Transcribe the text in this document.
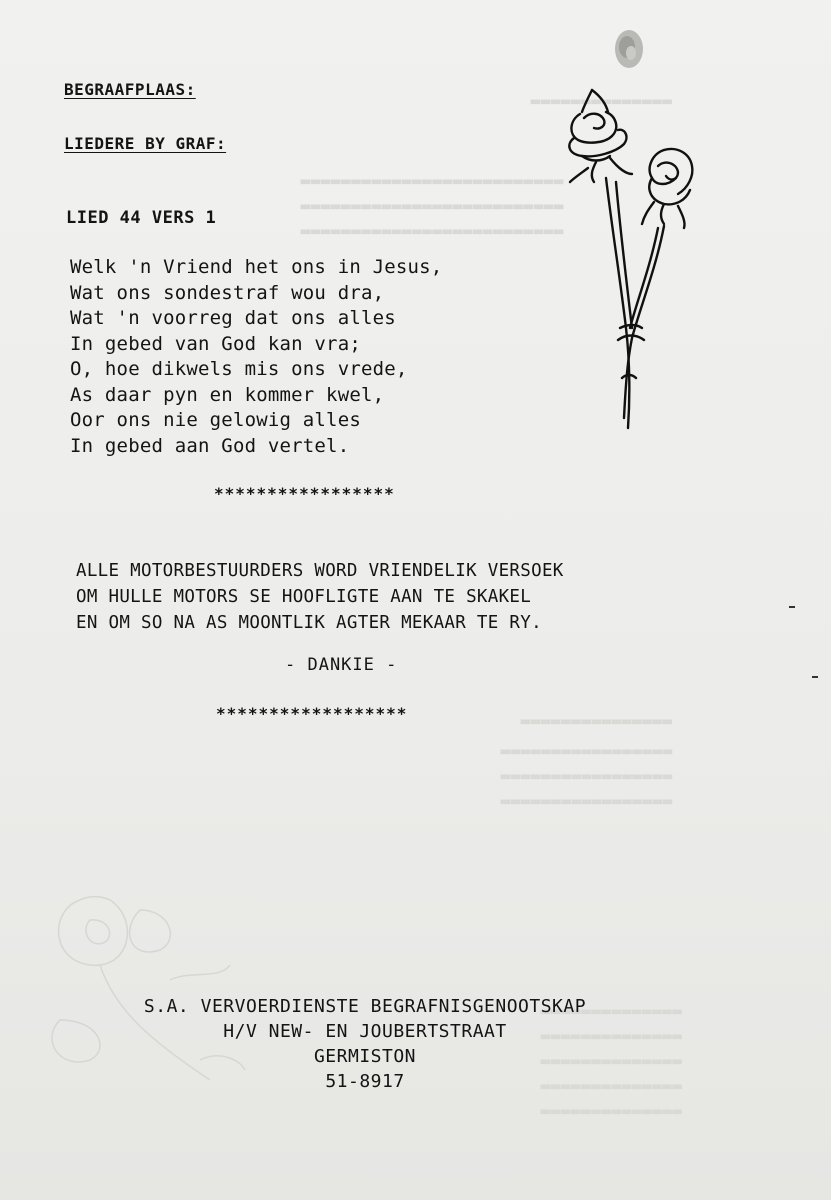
▬▬▬▬▬▬▬▬▬▬▬▬▬▬
▬▬▬▬▬▬▬▬▬▬▬▬▬▬▬▬▬▬▬▬▬▬▬▬▬▬
▬▬▬▬▬▬▬▬▬▬▬▬▬▬▬▬▬▬▬▬▬▬▬▬▬▬
▬▬▬▬▬▬▬▬▬▬▬▬▬▬▬▬▬▬▬▬▬▬▬▬▬▬
▬▬▬▬▬▬▬▬▬▬▬▬▬▬▬
▬▬▬▬▬▬▬▬▬▬▬▬▬▬▬▬▬
▬▬▬▬▬▬▬▬▬▬▬▬▬▬▬▬▬
▬▬▬▬▬▬▬▬▬▬▬▬▬▬▬▬▬
▬▬▬▬▬▬▬▬▬▬▬▬▬▬
▬▬▬▬▬▬▬▬▬▬▬▬▬▬
▬▬▬▬▬▬▬▬▬▬▬▬▬▬
▬▬▬▬▬▬▬▬▬▬▬▬▬▬
▬▬▬▬▬▬▬▬▬▬▬▬▬▬
BEGRAAFPLAAS:
LIEDERE BY GRAF:
LIED 44 VERS 1
Welk 'n Vriend het ons in Jesus,
Wat ons sondestraf wou dra,
Wat 'n voorreg dat ons alles
In gebed van God kan vra;
O, hoe dikwels mis ons vrede,
As daar pyn en kommer kwel,
Oor ons nie gelowig alles
In gebed aan God vertel.
*****************
ALLE MOTORBESTUURDERS WORD VRIENDELIK VERSOEK
OM HULLE MOTORS SE HOOFLIGTE AAN TE SKAKEL
EN OM SO NA AS MOONTLIK AGTER MEKAAR TE RY.
- DANKIE -
******************
S.A. VERVOERDIENSTE BEGRAFNISGENOOTSKAP
H/V NEW- EN JOUBERTSTRAAT
GERMISTON
51-8917
